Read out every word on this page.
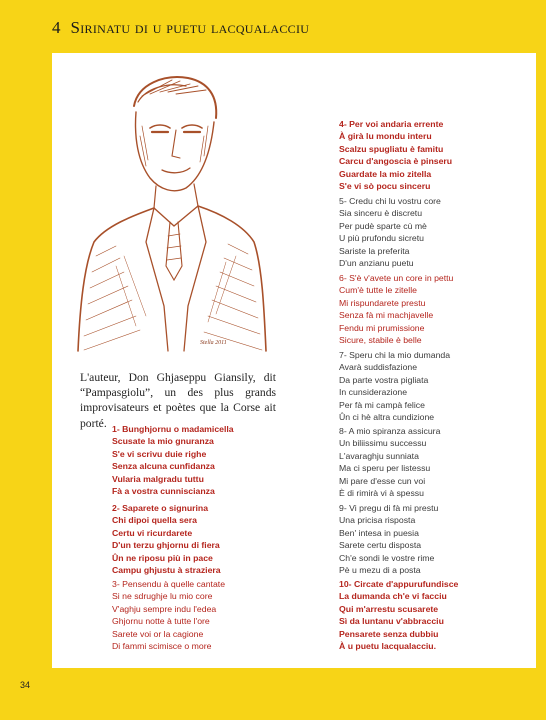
4 Sirinatu di u puetu lacqualacciu
Stella 2011

L'auteur, Don Ghjaseppu Giansily, dit “Pampasgiolu”, un des plus grands improvisateurs et poètes que la Corse ait porté. 1- Bunghjornu o madamicella
Scusate la mio gnuranza
S'e vi scrivu duie righe
Senza alcuna cunfidanza
Vularia malgradu tuttu
Fà a vostra cunniscianza
2- Saparete o signurina
Chi dipoi quella sera
Certu vi ricurdarete
D'un terzu ghjornu di fiera
Ûn ne riposu più in pace
Campu ghjustu à straziera
3- Pensendu à quelle cantate
Si ne sdrughje lu mio core
V'aghju sempre indu l'edea
Ghjornu notte à tutte l'ore
Sarete voi or la cagione
Di fammi scimisce o more
4- Per voi andaria errente
À girà lu mondu interu
Scalzu spugliatu è famitu
Carcu d'angoscia è pinseru
Guardate la mio zitella
S'e vi sò pocu sinceru
5- Credu chi lu vostru core
Sia sinceru è discretu
Per pudè sparte cù mè
U più prufondu sicretu
Sariste la preferita
D'un anzianu puetu
6- S'è v'avete un core in pettu
Cum'è tutte le zitelle
Mi rispundarete prestu
Senza fà mi machjavelle
Fendu mi prumissione
Sicure, stabile è belle
7- Speru chi la mio dumanda
Avarà suddisfazione
Da parte vostra pigliata
In cunsiderazione
Per fà mi campà felice
Ûn ci hè altra cundizione
8- A mio spiranza assicura
Un biliissimu successu
L'avaraghju sunniata
Ma ci speru per listessu
Mi pare d'esse cun voi
È di rimirà vi à spessu
9- Vi pregu di fà mi prestu
Una pricisa risposta
Ben' intesa in puesia
Sarete certu disposta
Ch'e sondi le vostre rime
Pè u mezu di a posta
10- Circate d'appurufundisce
La dumanda ch'e vi facciu
Qui m'arrestu scusarete
Sì da luntanu v'abbracciu
Pensarete senza dubbiu
À u puetu lacqualacciu.
34
